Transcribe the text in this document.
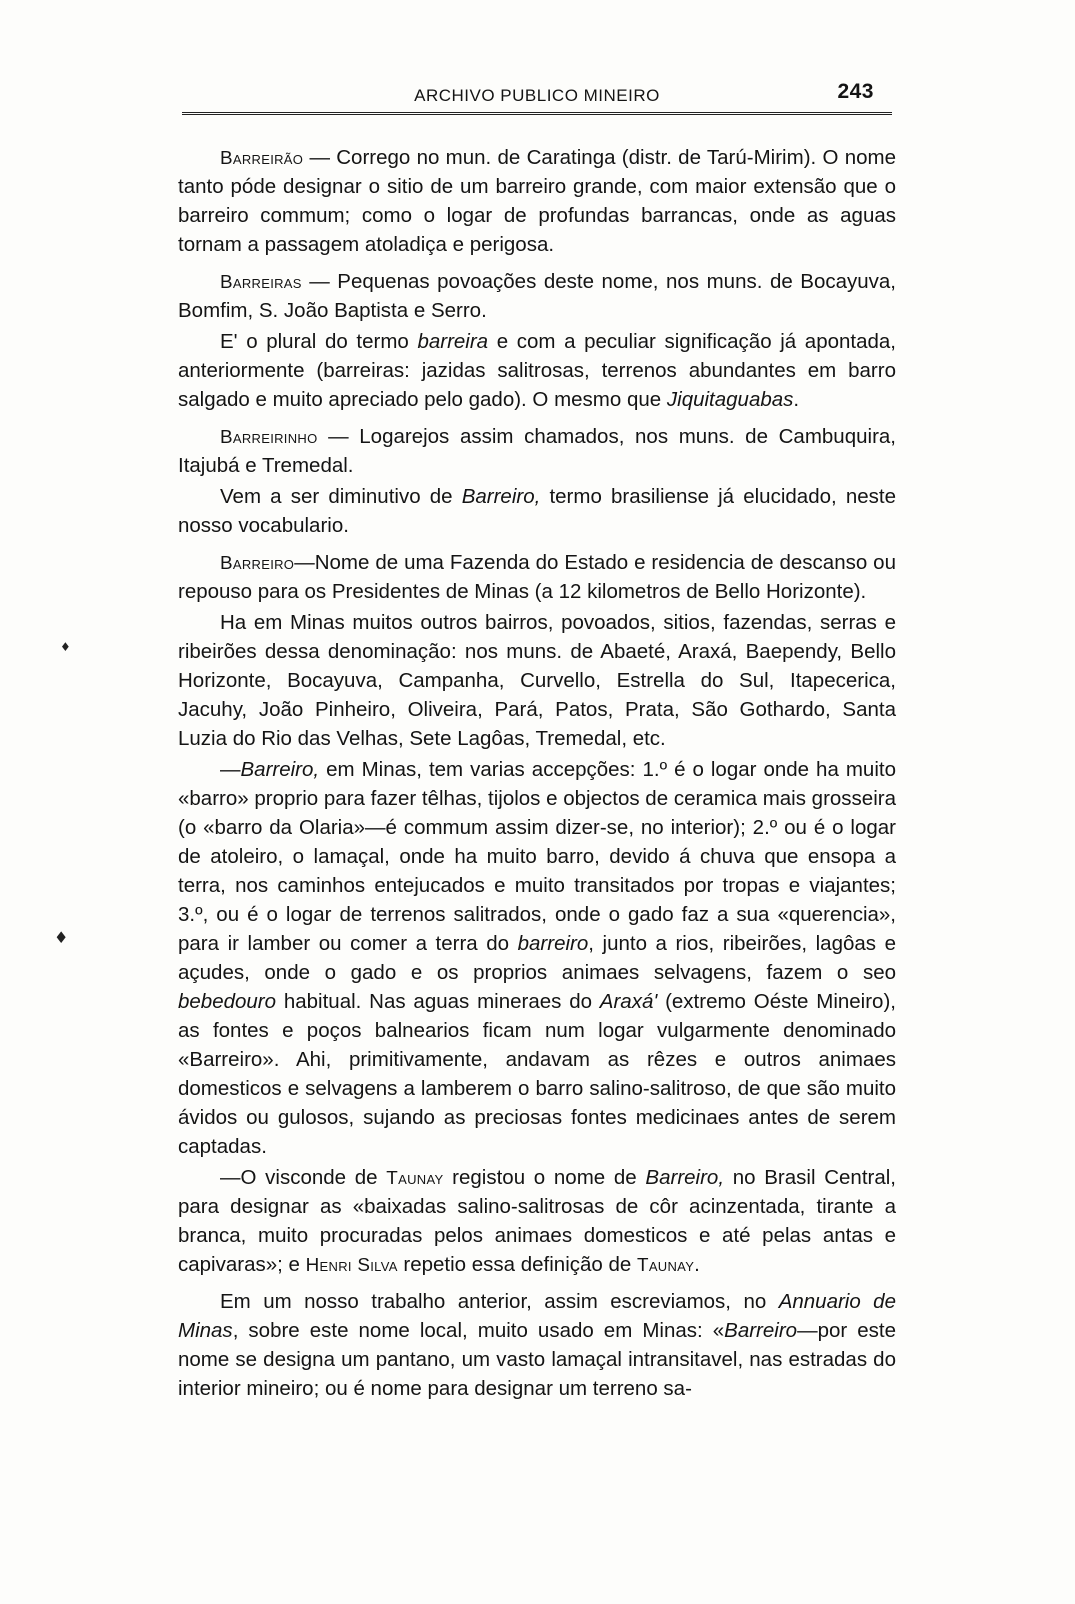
ARCHIVO PUBLICO MINEIRO	243

Barreirão — Corrego no mun. de Caratinga (distr. de Tarú-Mirim). O nome tanto póde designar o sitio de um barreiro grande, com maior extensão que o barreiro commum; como o logar de profundas barrancas, onde as aguas tornam a passagem atoladiça e perigosa.

Barreiras — Pequenas povoações deste nome, nos muns. de Bocayuva, Bomfim, S. João Baptista e Serro.

E' o plural do termo barreira e com a peculiar significação já apontada, anteriormente (barreiras: jazidas salitrosas, terrenos abundantes em barro salgado e muito apreciado pelo gado). O mesmo que Jiquitaguabas.

Barreirinho — Logarejos assim chamados, nos muns. de Cambuquira, Itajubá e Tremedal.

Vem a ser diminutivo de Barreiro, termo brasiliense já elucidado, neste nosso vocabulario.

Barreiro—Nome de uma Fazenda do Estado e residencia de descanso ou repouso para os Presidentes de Minas (a 12 kilometros de Bello Horizonte).

Ha em Minas muitos outros bairros, povoados, sitios, fazendas, serras e ribeirões dessa denominação: nos muns. de Abaeté, Araxá, Baependy, Bello Horizonte, Bocayuva, Campanha, Curvello, Estrella do Sul, Itapecerica, Jacuhy, João Pinheiro, Oliveira, Pará, Patos, Prata, São Gothardo, Santa Luzia do Rio das Velhas, Sete Lagôas, Tremedal, etc.

—Barreiro, em Minas, tem varias accepções: 1.º é o logar onde ha muito «barro» proprio para fazer têlhas, tijolos e objectos de ceramica mais grosseira (o «barro da Olaria»—é commum assim dizer-se, no interior); 2.º ou é o logar de atoleiro, o lamaçal, onde ha muito barro, devido á chuva que ensopa a terra, nos caminhos entejucados e muito transitados por tropas e viajantes; 3.º, ou é o logar de terrenos salitrados, onde o gado faz a sua «querencia», para ir lamber ou comer a terra do barreiro, junto a rios, ribeirões, lagôas e açudes, onde o gado e os proprios animaes selvagens, fazem o seo bebedouro habitual. Nas aguas mineraes do Araxá' (extremo Oéste Mineiro), as fontes e poços balnearios ficam num logar vulgarmente denominado «Barreiro». Ahi, primitivamente, andavam as rêzes e outros animaes domesticos e selvagens a lamberem o barro salino-salitroso, de que são muito ávidos ou gulosos, sujando as preciosas fontes medicinaes antes de serem captadas.

—O visconde de Taunay registou o nome de Barreiro, no Brasil Central, para designar as «baixadas salino-salitrosas de côr acinzentada, tirante a branca, muito procuradas pelos animaes domesticos e até pelas antas e capivaras»; e Henri Silva repetio essa definição de Taunay.

Em um nosso trabalho anterior, assim escreviamos, no Annuario de Minas, sobre este nome local, muito usado em Minas: «Barreiro—por este nome se designa um pantano, um vasto lamaçal intransitavel, nas estradas do interior mineiro; ou é nome para designar um terreno sa-

♦
♦
